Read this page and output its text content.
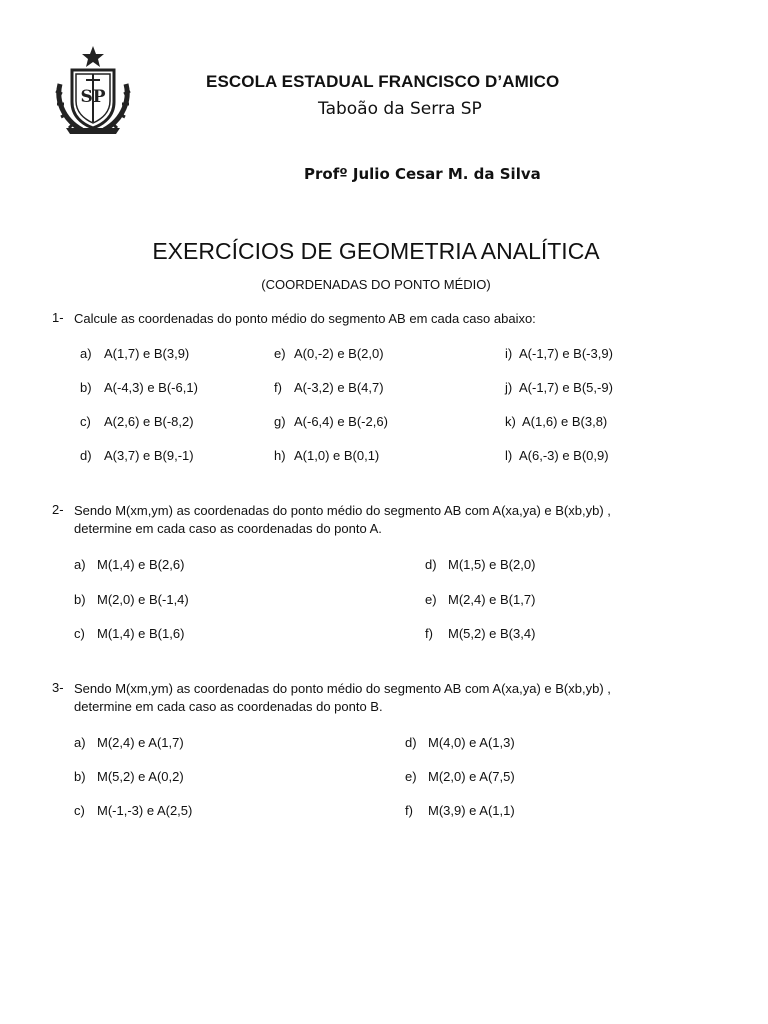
SP
ESCOLA ESTADUAL FRANCISCO D’AMICO
Taboão da Serra SP
Profº Julio Cesar M. da Silva
EXERCÍCIOS DE GEOMETRIA ANALÍTICA
(COORDENADAS DO PONTO MÉDIO)
1- Calcule as coordenadas do ponto médio do segmento AB em cada caso abaixo:
a) A(1,7) e B(3,9)
b) A(-4,3) e B(-6,1)
c) A(2,6) e B(-8,2)
d) A(3,7) e B(9,-1)
e) A(0,-2) e B(2,0)
f) A(-3,2) e B(4,7)
g) A(-6,4) e B(-2,6)
h) A(1,0) e B(0,1)
i) A(-1,7) e B(-3,9)
j) A(-1,7) e B(5,-9)
k) A(1,6) e B(3,8)
l) A(6,-3) e B(0,9)
2- Sendo M(xm,ym) as coordenadas do ponto médio do segmento AB com A(xa,ya) e B(xb,yb) ,
determine em cada caso as coordenadas do ponto A.
a) M(1,4) e B(2,6)
b) M(2,0) e B(-1,4)
c) M(1,4) e B(1,6)
d) M(1,5) e B(2,0)
e) M(2,4) e B(1,7)
f) M(5,2) e B(3,4)
3- Sendo M(xm,ym) as coordenadas do ponto médio do segmento AB com A(xa,ya) e B(xb,yb) ,
determine em cada caso as coordenadas do ponto B.
a) M(2,4) e A(1,7)
b) M(5,2) e A(0,2)
c) M(-1,-3) e A(2,5)
d) M(4,0) e A(1,3)
e) M(2,0) e A(7,5)
f) M(3,9) e A(1,1)
